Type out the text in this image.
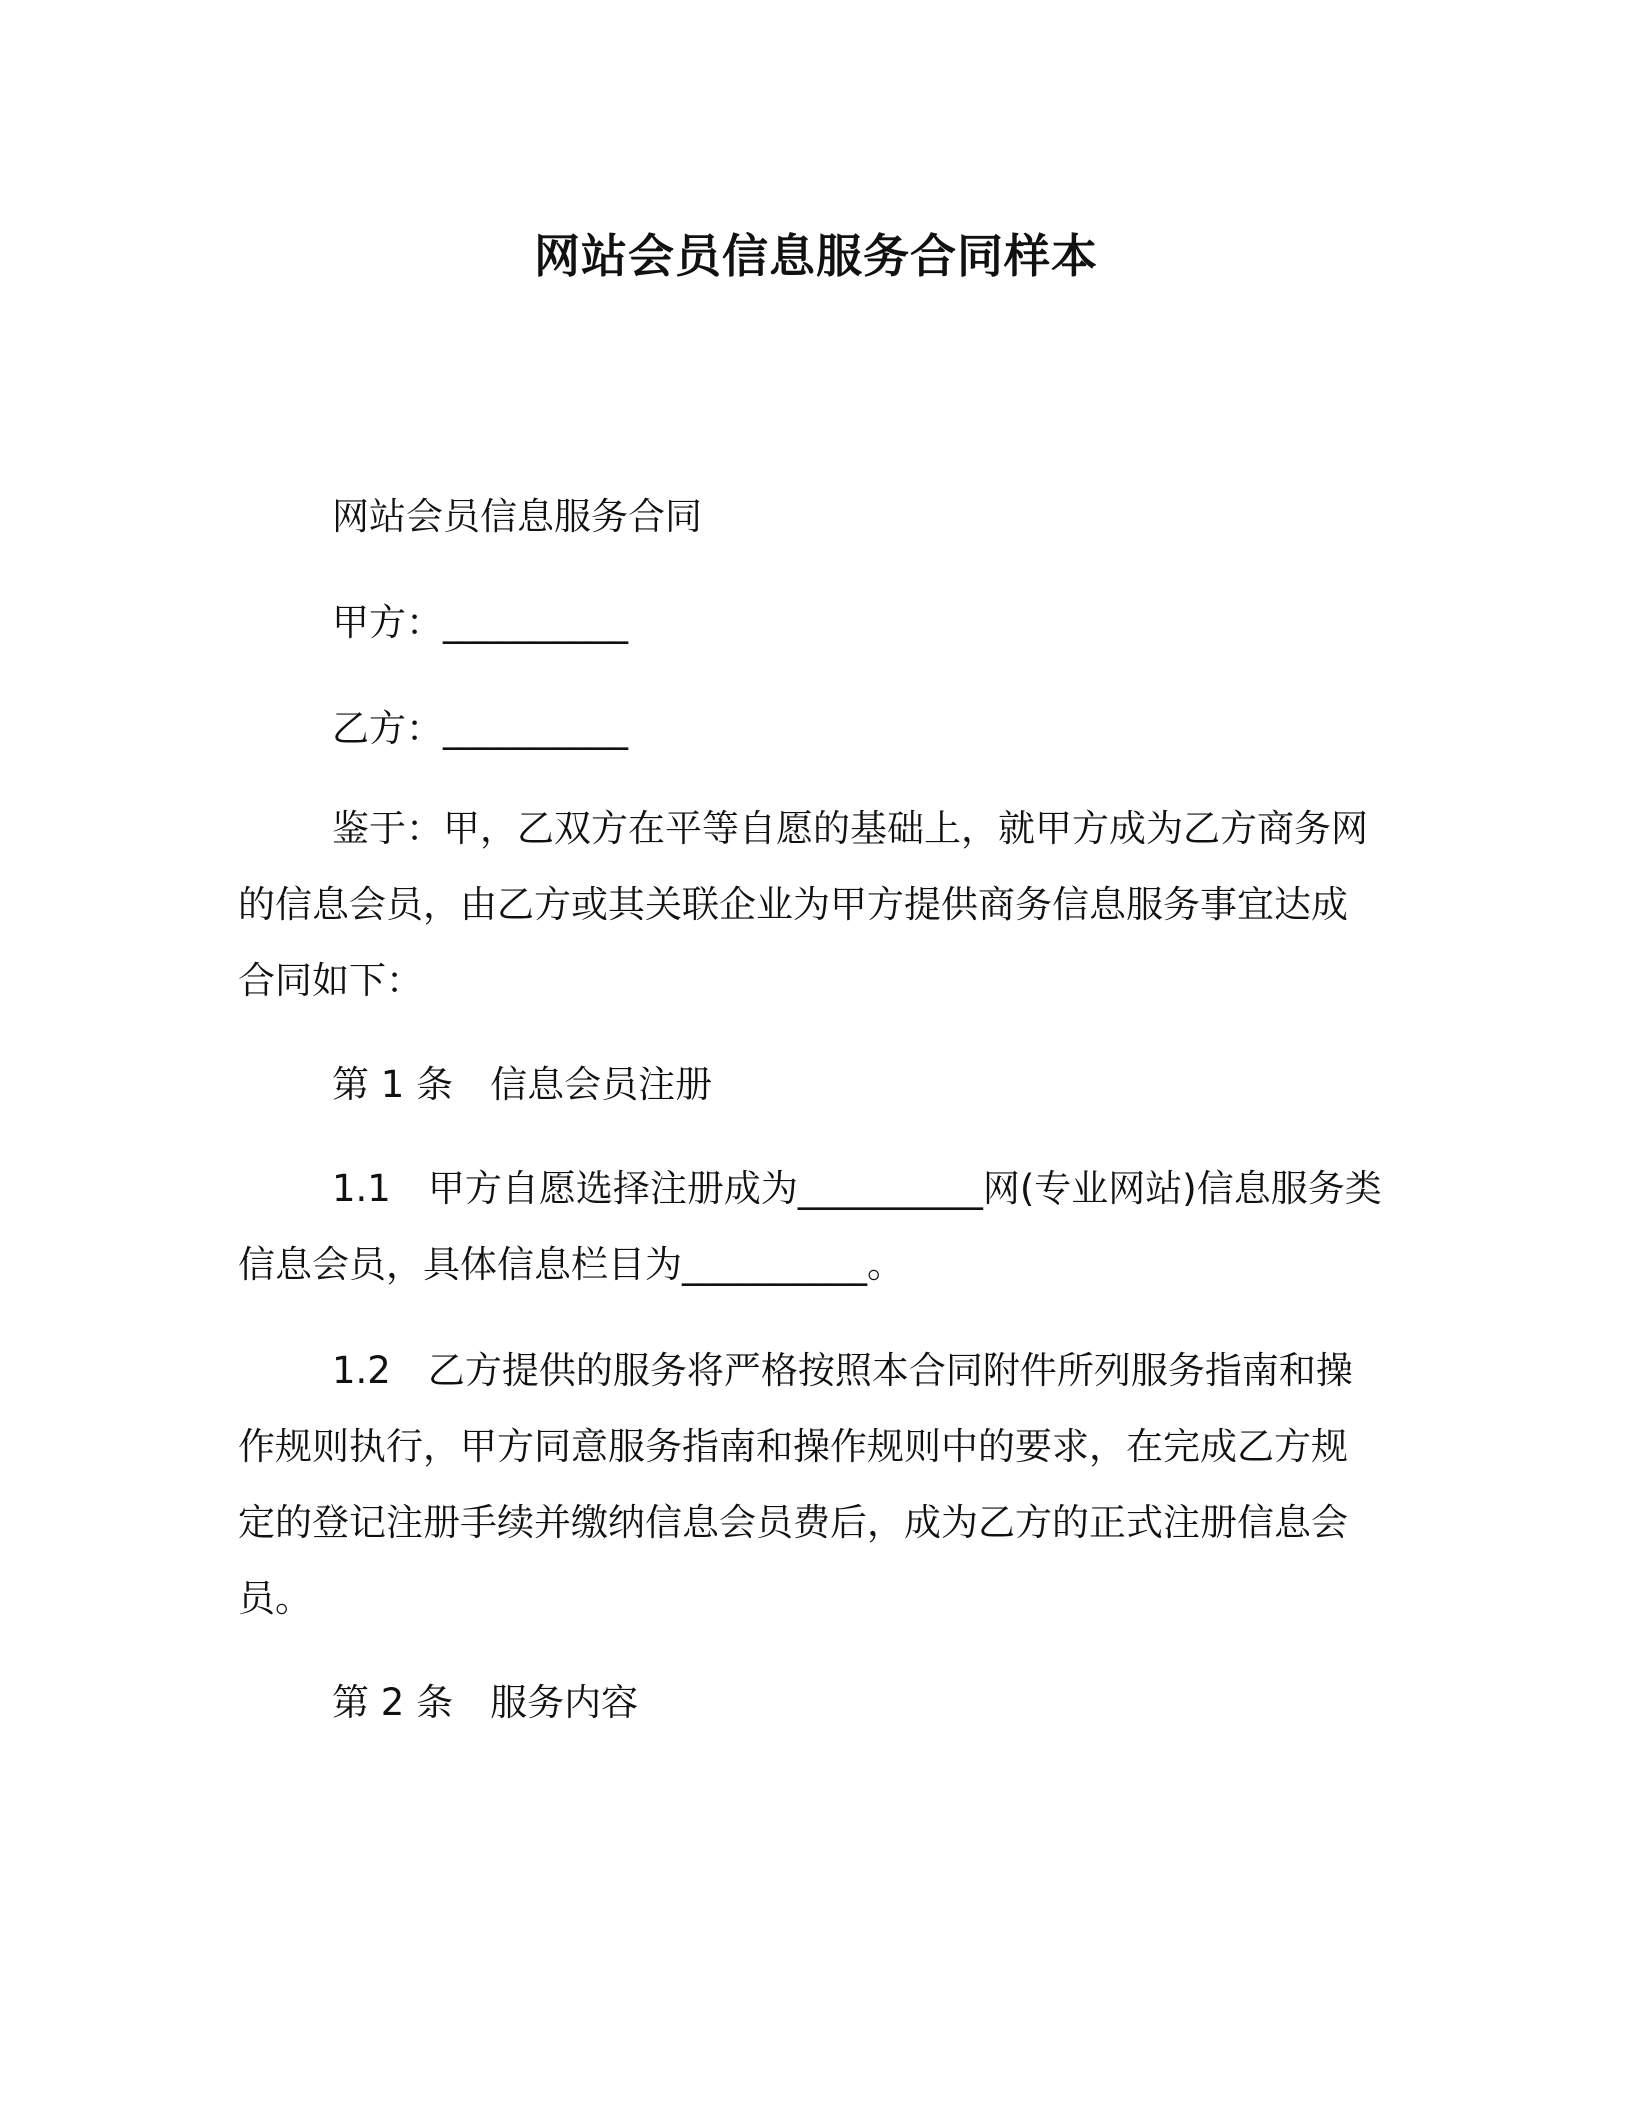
网站会员信息服务合同样本
网站会员信息服务合同
甲方：__________
乙方：__________
鉴于：甲，乙双方在平等自愿的基础上，就甲方成为乙方商务网
的信息会员，由乙方或其关联企业为甲方提供商务信息服务事宜达成
合同如下：
第 1 条　信息会员注册
1.1　甲方自愿选择注册成为__________网(专业网站)信息服务类
信息会员，具体信息栏目为__________。
1.2　乙方提供的服务将严格按照本合同附件所列服务指南和操
作规则执行，甲方同意服务指南和操作规则中的要求，在完成乙方规
定的登记注册手续并缴纳信息会员费后，成为乙方的正式注册信息会
员。
第 2 条　服务内容
